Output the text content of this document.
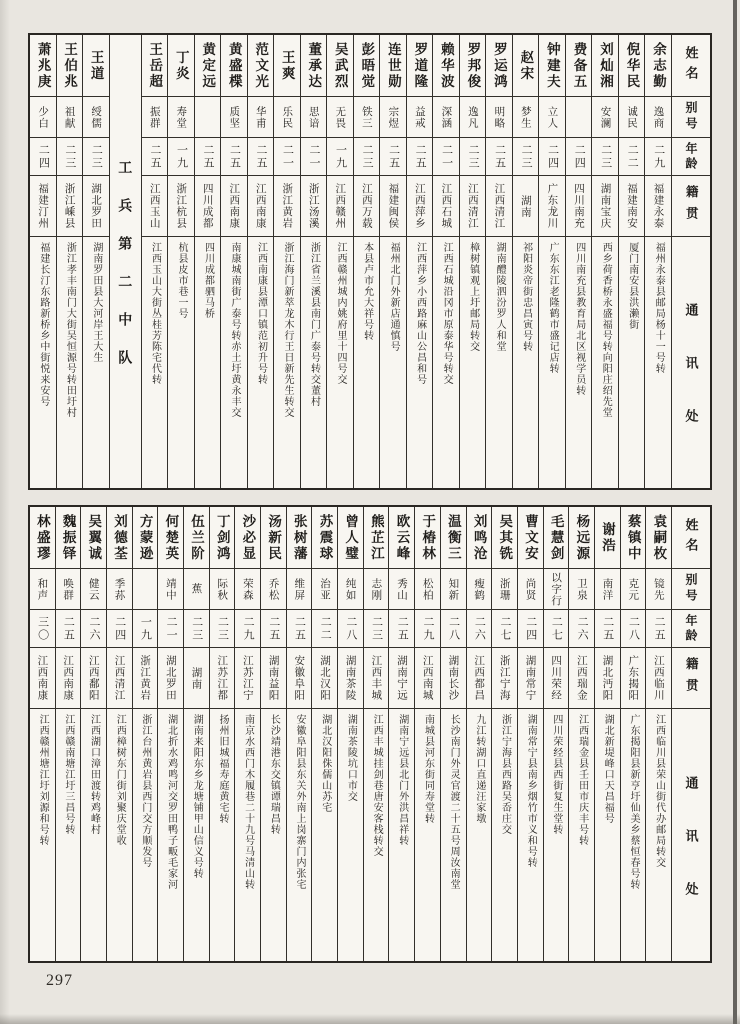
姓名
别号
年龄
籍贯
通讯处
余志勤
逸商
二九
福建永泰
福州永泰县邮局杨十一号转
倪华民
诚民
二二
福建南安
厦门南安县洪濑街
刘灿湘
安澜
二三
湖南宝庆
西乡荷香桥永盛福号转向阳庄绍先堂
费备五
二四
四川南充
四川南充县教育局北区视学员转
钟建夫
立人
二四
广东龙川
广东东江老隆鹤市盛记店转
赵宋
梦生
二三
湖南
祁阳炎帝街忠昌寅号转
罗运鸿
明略
二五
江西清江
湖南醴陵泗汾罗人和堂
罗邦俊
逸凡
二三
江西清江
樟树镇观上圩邮局转交
赖华波
深涵
二一
江西石城
江西石城沿冈市原泰华号转交
罗道隆
益戒
二五
江西萍乡
江西萍乡小西路麻山公昌和号
连世勋
宗煜
二五
福建闽侯
福州北门外新店通慎号
彭晤觉
铁三
二三
江西万载
本县卢市允大祥号转
吴武烈
无畏
一九
江西赣州
江西赣州城内姚府里十四号交
董承达
思谙
二一
浙江汤溪
浙江省兰溪县南门广泰号转交董村
王爽
乐民
二一
浙江黄岩
浙江海门新萃龙木行王日新先生转交
范文光
华甫
二五
江西南康
江西南康县潭口镇范初升号转
黄盛楪
质坚
二五
江西南康
南康城南街广泰号转赤土圩黄永丰交
黄定远
二五
四川成都
四川成都驷马桥
丁炎
寿堂
一九
浙江杭县
杭县皮市巷一号
王岳超
振群
二五
江西玉山
江西玉山大街丛桂芳陈宅代转
工兵第二中队
王道
绶儒
二三
湖北罗田
湖南罗田县大河岸王大生
王伯兆
祖献
二三
浙江嵊县
浙江孝丰南门大街吴恒源号转田圩村
萧兆庚
少白
二四
福建汀州
福建长汀东路新桥乡中街悦来安号
姓名
别号
年龄
籍贯
通讯处
袁嗣枚
镜先
二五
江西临川
江西临川县荣山街代办邮局转交
蔡镇中
克元
二八
广东揭阳
广东揭阳县新亨圩仙美乡蔡恒春号转
谢浩
南洋
二五
湖北沔阳
湖北新堤峰口天昌福号
杨远源
卫泉
二六
江西瑞金
江西瑞金县壬田市庆丰号转
毛慧剑
以字行
二七
四川荣经
四川荣经县西街复生堂转
曹文安
尚贤
二四
湖南常宁
湖南常宁县南乡烟竹市义和号转
吴其铣
浙珊
二七
浙江宁海
浙江宁海县西路吴岙庄交
刘鸣沧
瘦鹤
二六
江西都昌
九江转湖口直递汪家墩
温衡三
知新
二八
湖南长沙
长沙南门外灵官渡二十五号周汝南堂
于椿林
松柏
二九
江西南城
南城县河东街同寿堂转
欧云峰
秀山
二五
湖南宁远
湖南宁远县北门外洪昌祥转
熊芷江
志刚
二三
江西丰城
江西丰城挂剑巷唐安客栈转交
曾人璧
纯如
二八
湖南茶陵
湖南茶陵坑口市交
苏震球
治亚
二二
湖北汉阳
湖北汉阳侏儒山苏宅
张树藩
维屏
二五
安徽阜阳
安徽阜阳县东关外南上岗寨门内张宅
汤新民
乔松
二五
湖南益阳
长沙靖港东交镇谭瑞昌转
沙必显
荣森
二九
江苏江宁
南京水西门木履巷二十九号马清山转
丁剑鸿
际秋
二三
江苏江都
扬州旧城福寿庭黄宅转
伍兰阶
蕉
二三
湖南
湖南来阳东乡龙塘铺甲山信义号转
何楚英
靖中
二一
湖北罗田
湖北折水鸡鸣河交罗田鸭子畈毛家河
方蒙逊
一九
浙江黄岩
浙江台州黄岩县西门交方顺发号
刘德荃
季荪
二四
江西清江
江西樟树东门街刘聚庆堂收
吴翼诚
健云
二六
江西鄱阳
江西湖口漳田渡转鸡峰村
魏振铎
唤群
二五
江西南康
江西赣南塘江圩三昌号转
林盛璆
和声
三〇
江西南康
江西赣州塘江圩刘源和号转
297
